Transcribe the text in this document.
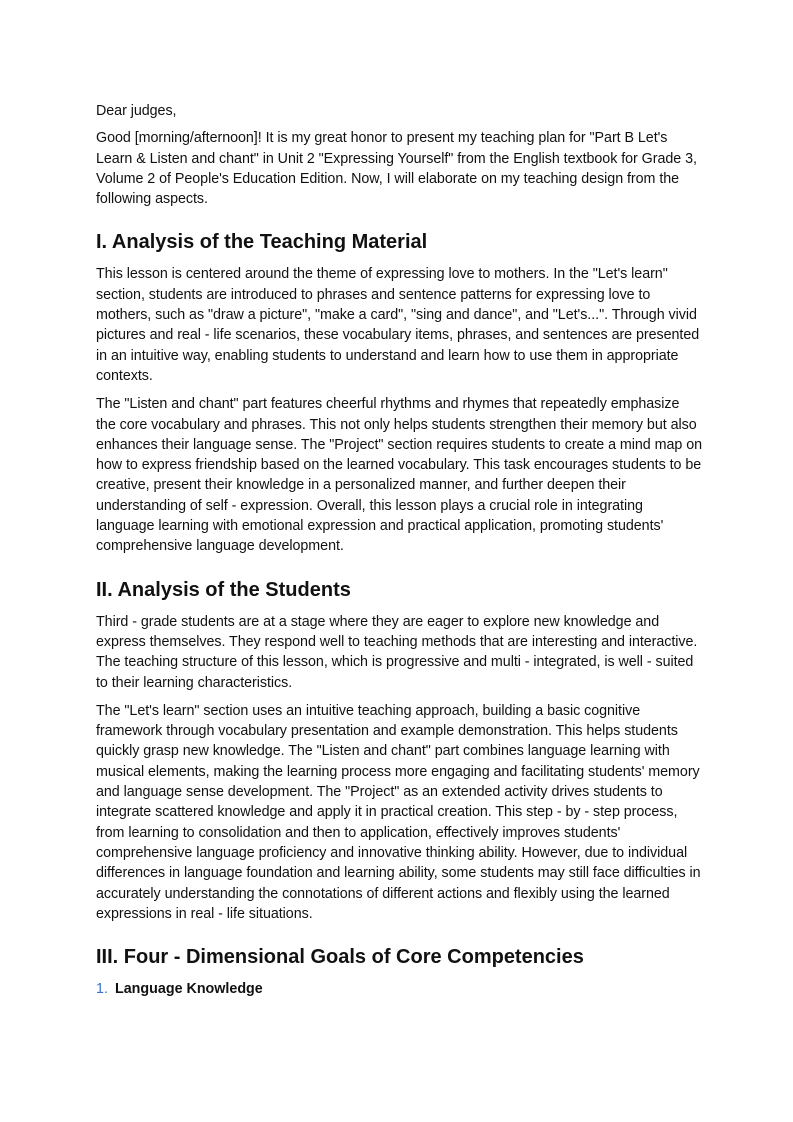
Dear judges,

Good [morning/afternoon]! It is my great honor to present my teaching plan for "Part B Let's Learn & Listen and chant" in Unit 2 "Expressing Yourself" from the English textbook for Grade 3, Volume 2 of People's Education Edition. Now, I will elaborate on my teaching design from the following aspects.

I. Analysis of the Teaching Material

This lesson is centered around the theme of expressing love to mothers. In the "Let's learn" section, students are introduced to phrases and sentence patterns for expressing love to mothers, such as "draw a picture", "make a card", "sing and dance", and "Let's...". Through vivid pictures and real - life scenarios, these vocabulary items, phrases, and sentences are presented in an intuitive way, enabling students to understand and learn how to use them in appropriate contexts.

The "Listen and chant" part features cheerful rhythms and rhymes that repeatedly emphasize the core vocabulary and phrases. This not only helps students strengthen their memory but also enhances their language sense. The "Project" section requires students to create a mind map on how to express friendship based on the learned vocabulary. This task encourages students to be creative, present their knowledge in a personalized manner, and further deepen their understanding of self - expression. Overall, this lesson plays a crucial role in integrating language learning with emotional expression and practical application, promoting students' comprehensive language development.

II. Analysis of the Students

Third - grade students are at a stage where they are eager to explore new knowledge and express themselves. They respond well to teaching methods that are interesting and interactive. The teaching structure of this lesson, which is progressive and multi - integrated, is well - suited to their learning characteristics.

The "Let's learn" section uses an intuitive teaching approach, building a basic cognitive framework through vocabulary presentation and example demonstration. This helps students quickly grasp new knowledge. The "Listen and chant" part combines language learning with musical elements, making the learning process more engaging and facilitating students' memory and language sense development. The "Project" as an extended activity drives students to integrate scattered knowledge and apply it in practical creation. This step - by - step process, from learning to consolidation and then to application, effectively improves students' comprehensive language proficiency and innovative thinking ability. However, due to individual differences in language foundation and learning ability, some students may still face difficulties in accurately understanding the connotations of different actions and flexibly using the learned expressions in real - life situations.

III. Four - Dimensional Goals of Core Competencies
1. Language Knowledge
